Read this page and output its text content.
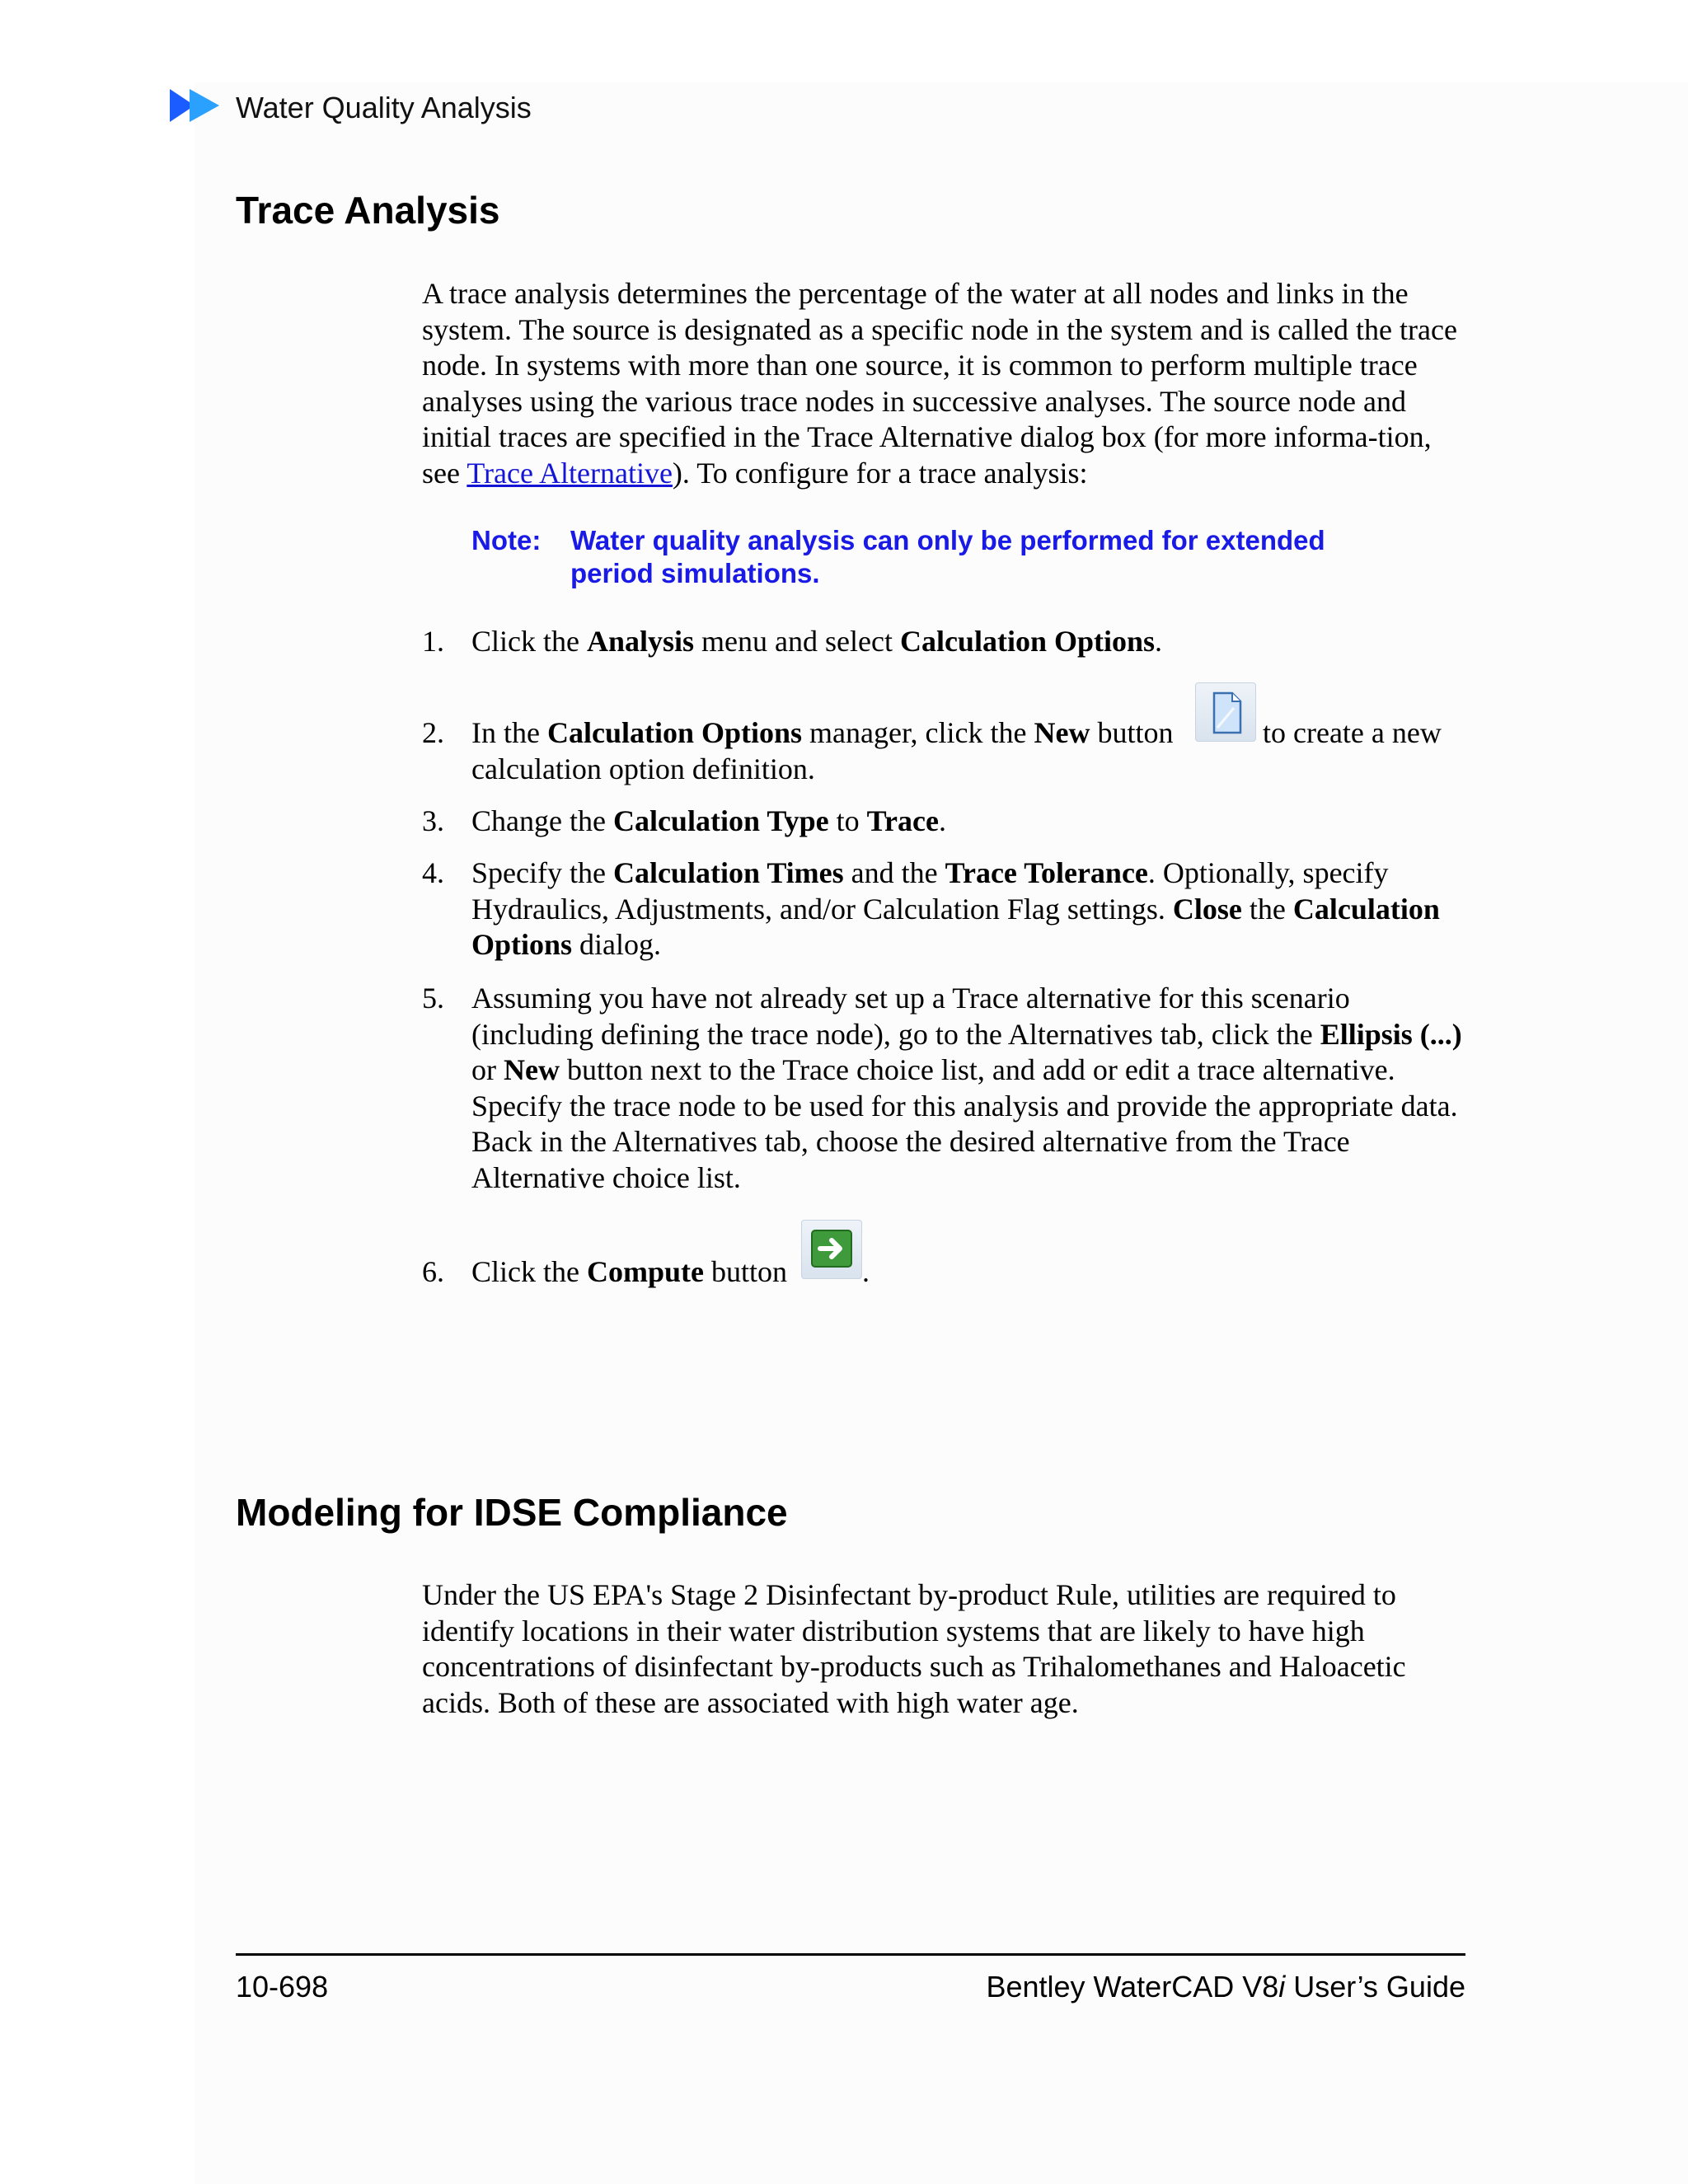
Water Quality Analysis
Trace Analysis

A trace analysis determines the percentage of the water at all nodes and links in the system. The source is designated as a specific node in the system and is called the trace node. In systems with more than one source, it is common to perform multiple trace analyses using the various trace nodes in successive analyses. The source node and initial traces are specified in the Trace Alternative dialog box (for more informa-tion, see Trace Alternative). To configure for a trace analysis:

Note: Water quality analysis can only be performed for extended period simulations.
1. Click the Analysis menu and select Calculation Options.
2. In the Calculation Options manager, click the New button	to create a new
calculation option definition.
3. Change the Calculation Type to Trace.
4. Specify the Calculation Times and the Trace Tolerance. Optionally, specify Hydraulics, Adjustments, and/or Calculation Flag settings. Close the Calculation Options dialog.
5. Assuming you have not already set up a Trace alternative for this scenario (including defining the trace node), go to the Alternatives tab, click the Ellipsis (...) or New button next to the Trace choice list, and add or edit a trace alternative. Specify the trace node to be used for this analysis and provide the appropriate data. Back in the Alternatives tab, choose the desired alternative from the Trace Alternative choice list.
6. Click the Compute button	.
Modeling for IDSE Compliance

Under the US EPA's Stage 2 Disinfectant by-product Rule, utilities are required to identify locations in their water distribution systems that are likely to have high concentrations of disinfectant by-products such as Trihalomethanes and Haloacetic acids. Both of these are associated with high water age.

10-698	Bentley WaterCAD V8i User’s Guide
